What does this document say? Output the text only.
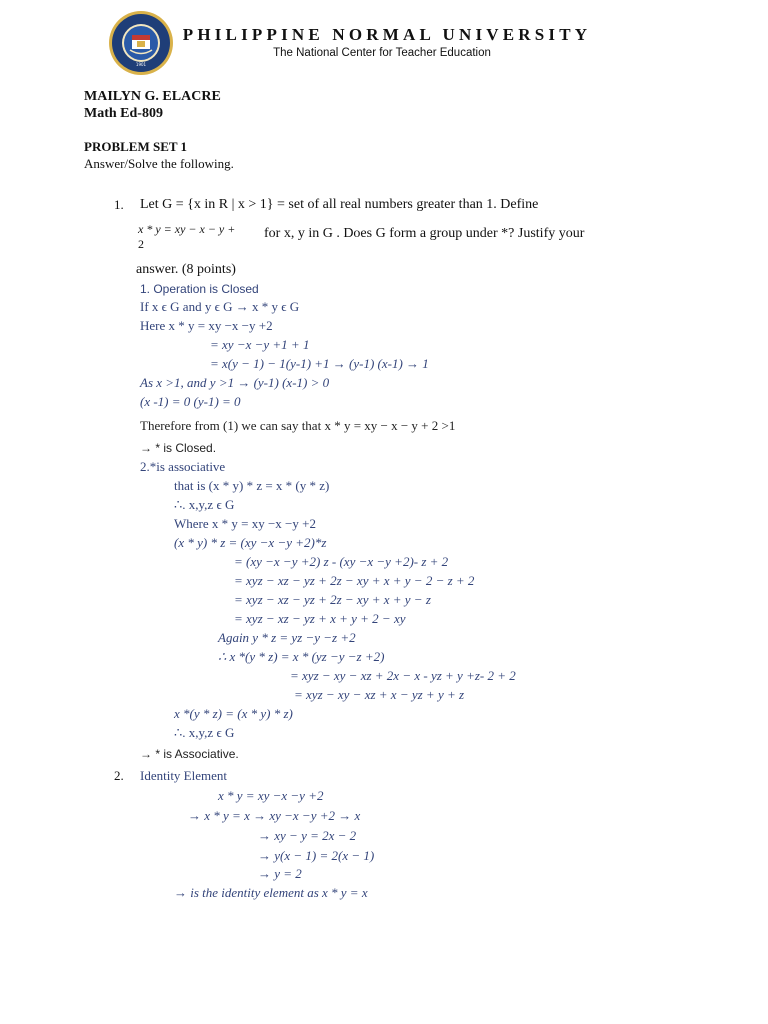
1901
PHILIPPINE NORMAL UNIVERSITY
The National Center for Teacher Education
MAILYN G. ELACRE
Math Ed-809
PROBLEM SET 1
Answer/Solve the following.
1. Let G = {x in R | x > 1} = set of all real numbers greater than 1. Define
x * y = xy − x − y +
2
for x, y in G . Does G form a group under *? Justify your
answer. (8 points)
1. Operation is Closed
If x ϵ G and y ϵ G → x * y ϵ G
Here x * y = xy −x −y +2
= xy −x −y +1 + 1
= x(y − 1) − 1(y-1) +1 → (y-1) (x-1) → 1
As x >1, and y >1 → (y-1) (x-1) > 0
(x -1) = 0 (y-1) = 0
Therefore from (1) we can say that x * y = xy − x − y + 2 >1
→ * is Closed.
2.*is associative
that is (x * y) * z = x * (y * z)
∴. x,y,z ϵ G
Where x * y = xy −x −y +2
(x * y) * z = (xy −x −y +2)*z
= (xy −x −y +2) z - (xy −x −y +2)- z + 2
= xyz − xz − yz + 2z − xy + x + y − 2 − z + 2
= xyz − xz − yz + 2z − xy + x + y − z
= xyz − xz − yz + x + y + 2 − xy
Again y * z = yz −y −z +2
∴ x *(y * z) = x * (yz −y −z +2)
= xyz − xy − xz + 2x − x - yz + y +z- 2 + 2
= xyz − xy − xz + x − yz + y + z
x *(y * z) = (x * y) * z)
∴. x,y,z ϵ G
→ * is Associative.
2. Identity Element
x * y = xy −x −y +2
→ x * y = x → xy −x −y +2 → x
→ xy − y = 2x − 2
→ y(x − 1) = 2(x − 1)
→ y = 2
→ is the identity element as x * y = x
